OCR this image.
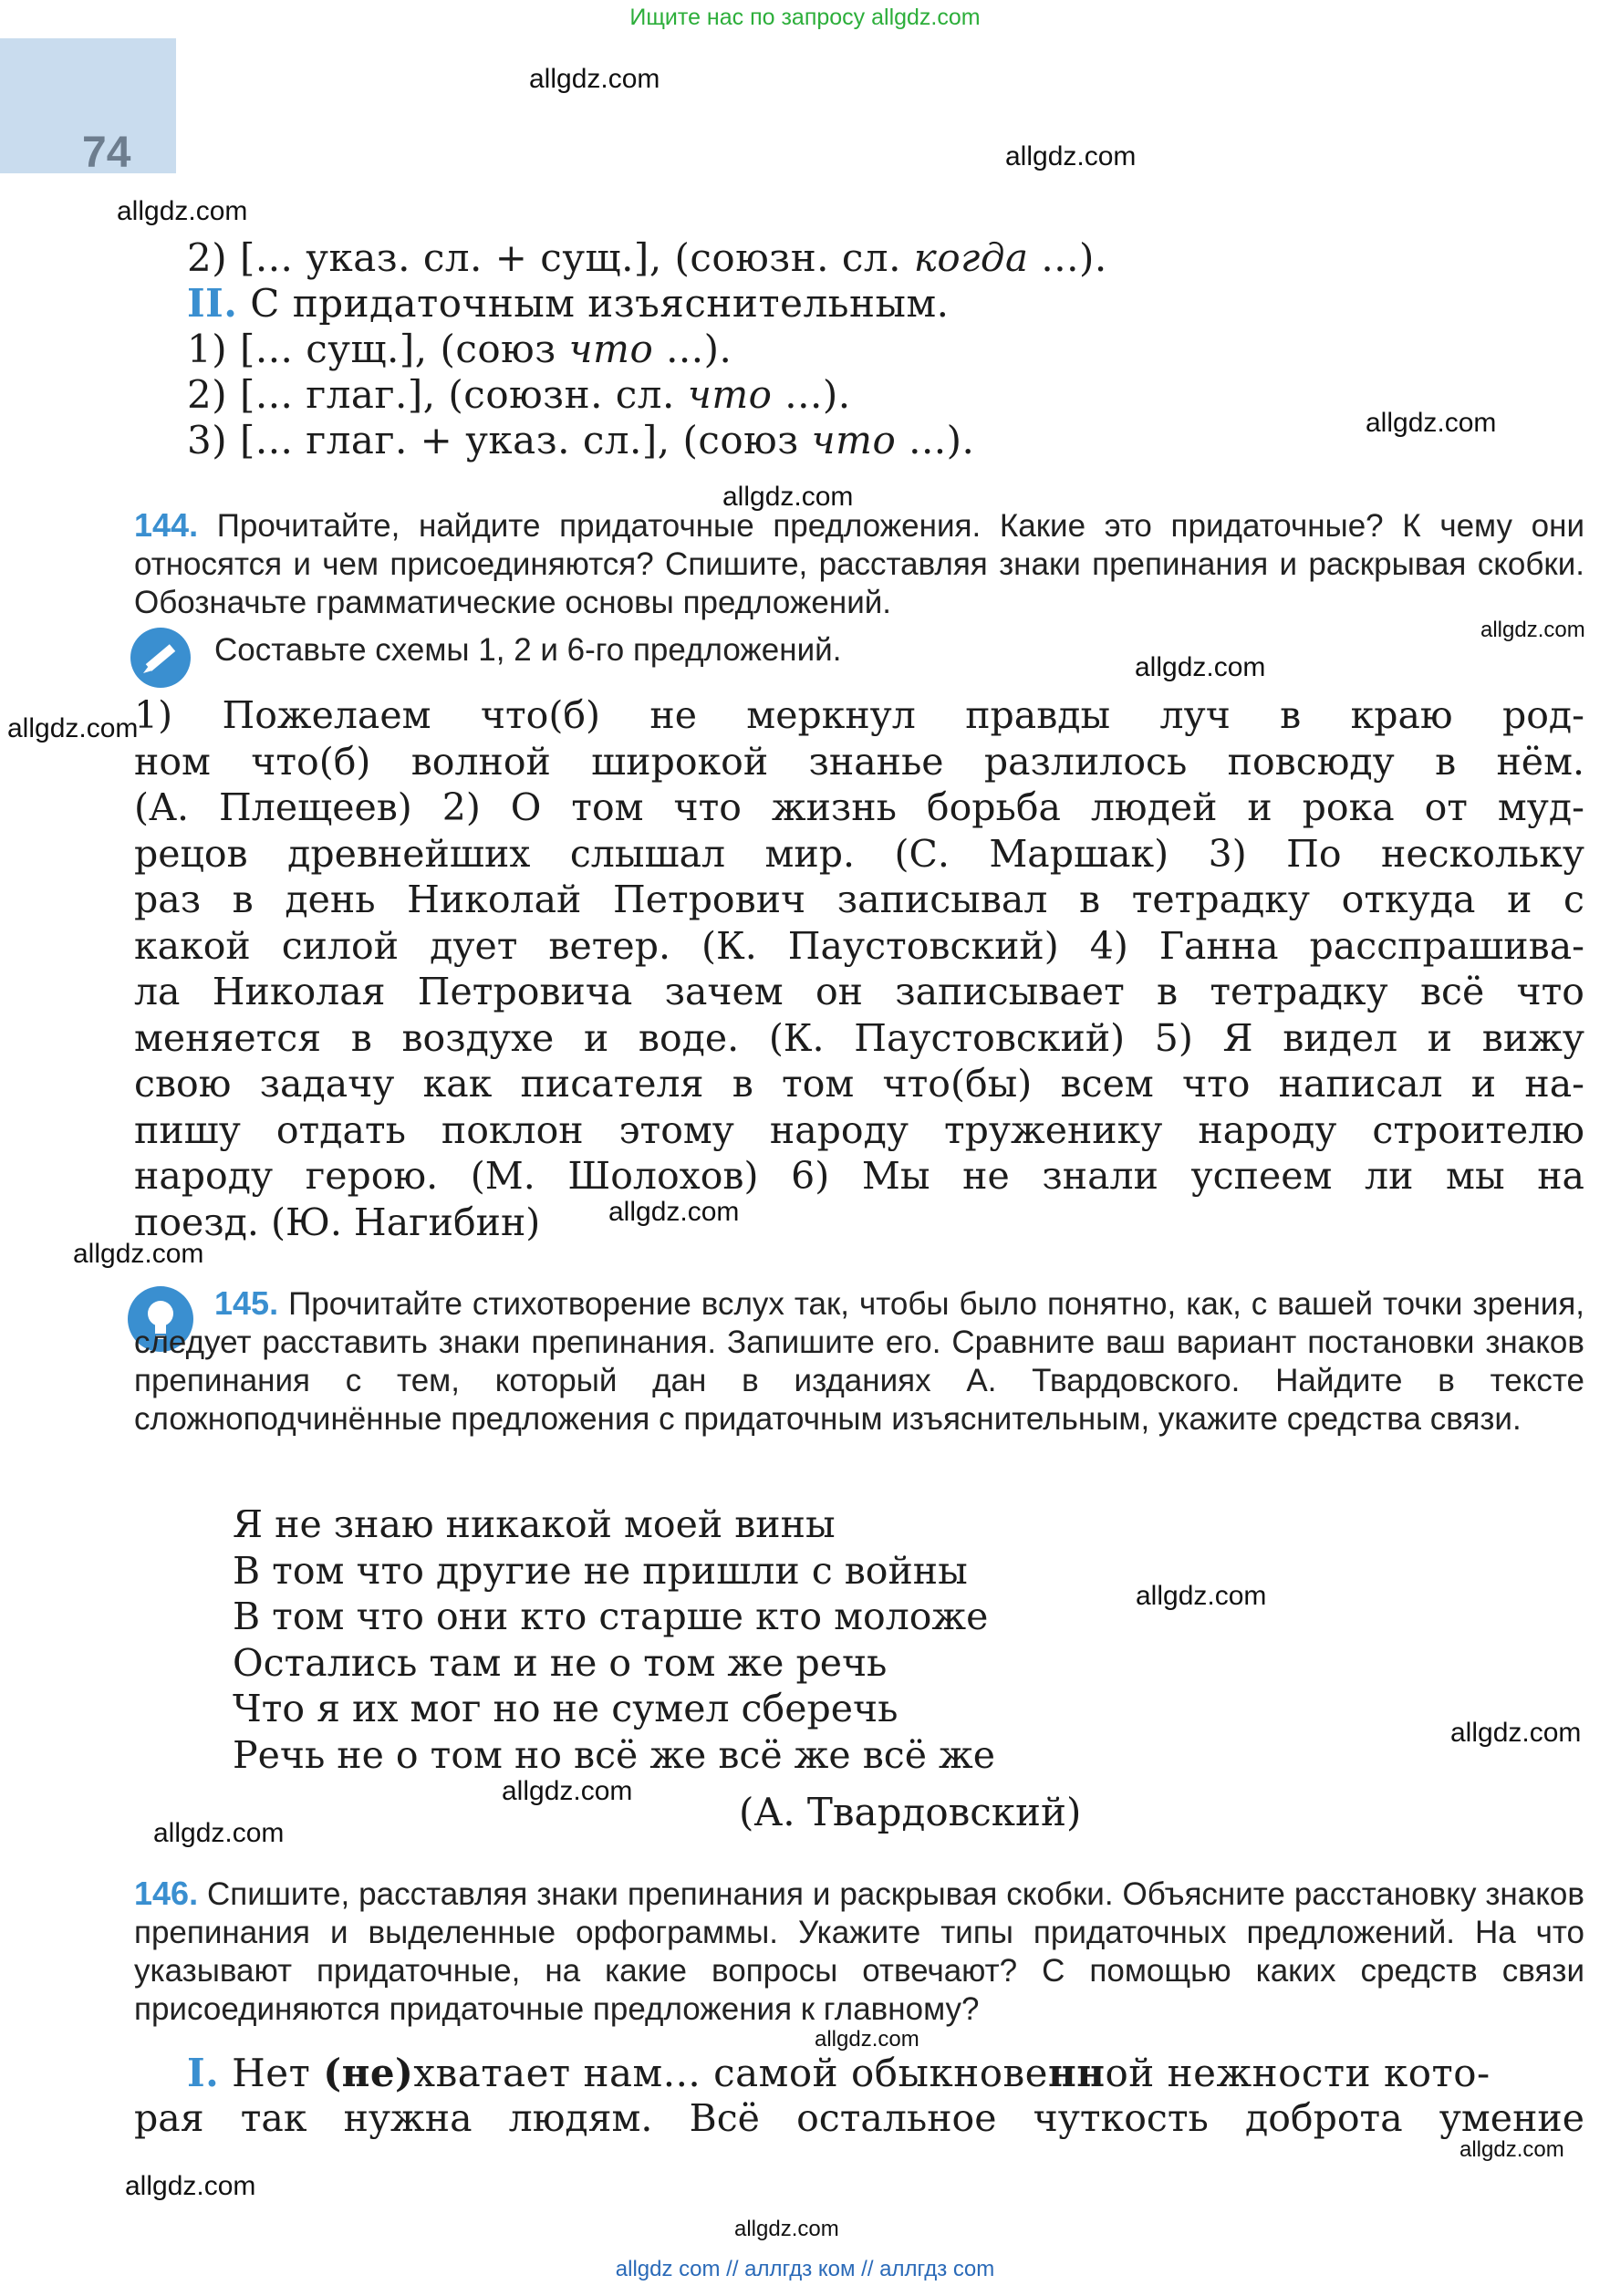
Ищите нас по запросу allgdz.com
74
allgdz.com
allgdz.com
allgdz.com
allgdz.com
allgdz.com
allgdz.com
allgdz.com
allgdz.com
allgdz.com
allgdz.com
allgdz.com
allgdz.com
allgdz.com
allgdz.com
allgdz.com
allgdz.com
allgdz.com
allgdz.com
2) [... указ. сл. + сущ.], (союзн. сл. когда ...).
II. С придаточным изъяснительным.
1) [... сущ.], (союз что ...).
2) [... глаг.], (союзн. сл. что ...).
3) [... глаг. + указ. сл.], (союз что ...).
144. Прочитайте, найдите придаточные предложения. Какие это придаточные? К чему они относятся и чем присоединяются? Спишите, расставляя знаки препинания и раскрывая скобки. Обозначьте грамматические основы предложений.
Составьте схемы 1, 2 и 6-го предложений.
1) Пожелаем что(б) не меркнул правды луч в краю род-
ном что(б) волной широкой знанье разлилось повсюду в нём.
(А. Плещеев) 2) О том что жизнь борьба людей и рока от муд-
рецов древнейших слышал мир. (С. Маршак) 3) По нескольку
раз в день Николай Петрович записывал в тетрадку откуда и с
какой силой дует ветер. (К. Паустовский) 4) Ганна расспрашива-
ла Николая Петровича зачем он записывает в тетрадку всё что
меняется в воздухе и воде. (К. Паустовский) 5) Я видел и вижу
свою задачу как писателя в том что(бы) всем что написал и на-
пишу отдать поклон этому народу труженику народу строителю
народу герою. (М. Шолохов) 6) Мы не знали успеем ли мы на
поезд. (Ю. Нагибин)
145. Прочитайте стихотворение вслух так, чтобы было понятно, как, с вашей точки зрения, следует расставить знаки препинания. Запишите его. Сравните ваш вариант постановки знаков препинания с тем, который дан в изданиях А. Твардовского. Найдите в тексте сложноподчинённые предложения с придаточным изъяснительным, укажите средства связи.
Я не знаю никакой моей вины
В том что другие не пришли с войны
В том что они кто старше кто моложе
Остались там и не о том же речь
Что я их мог но не сумел сберечь
Речь не о том но всё же всё же всё же
(А. Твардовский)
146. Спишите, расставляя знаки препинания и раскрывая скобки. Объясните расстановку знаков препинания и выделенные орфограммы. Укажите типы придаточных предложений. На что указывают придаточные, на какие вопросы отвечают? С помощью каких средств связи присоединяются придаточные предложения к главному?
I. Нет (не)хватает нам... самой обыкновенной нежности кото-
рая так нужна людям. Всё остальное чуткость доброта умение
allgdz com // аллгдз ком // аллгдз com
